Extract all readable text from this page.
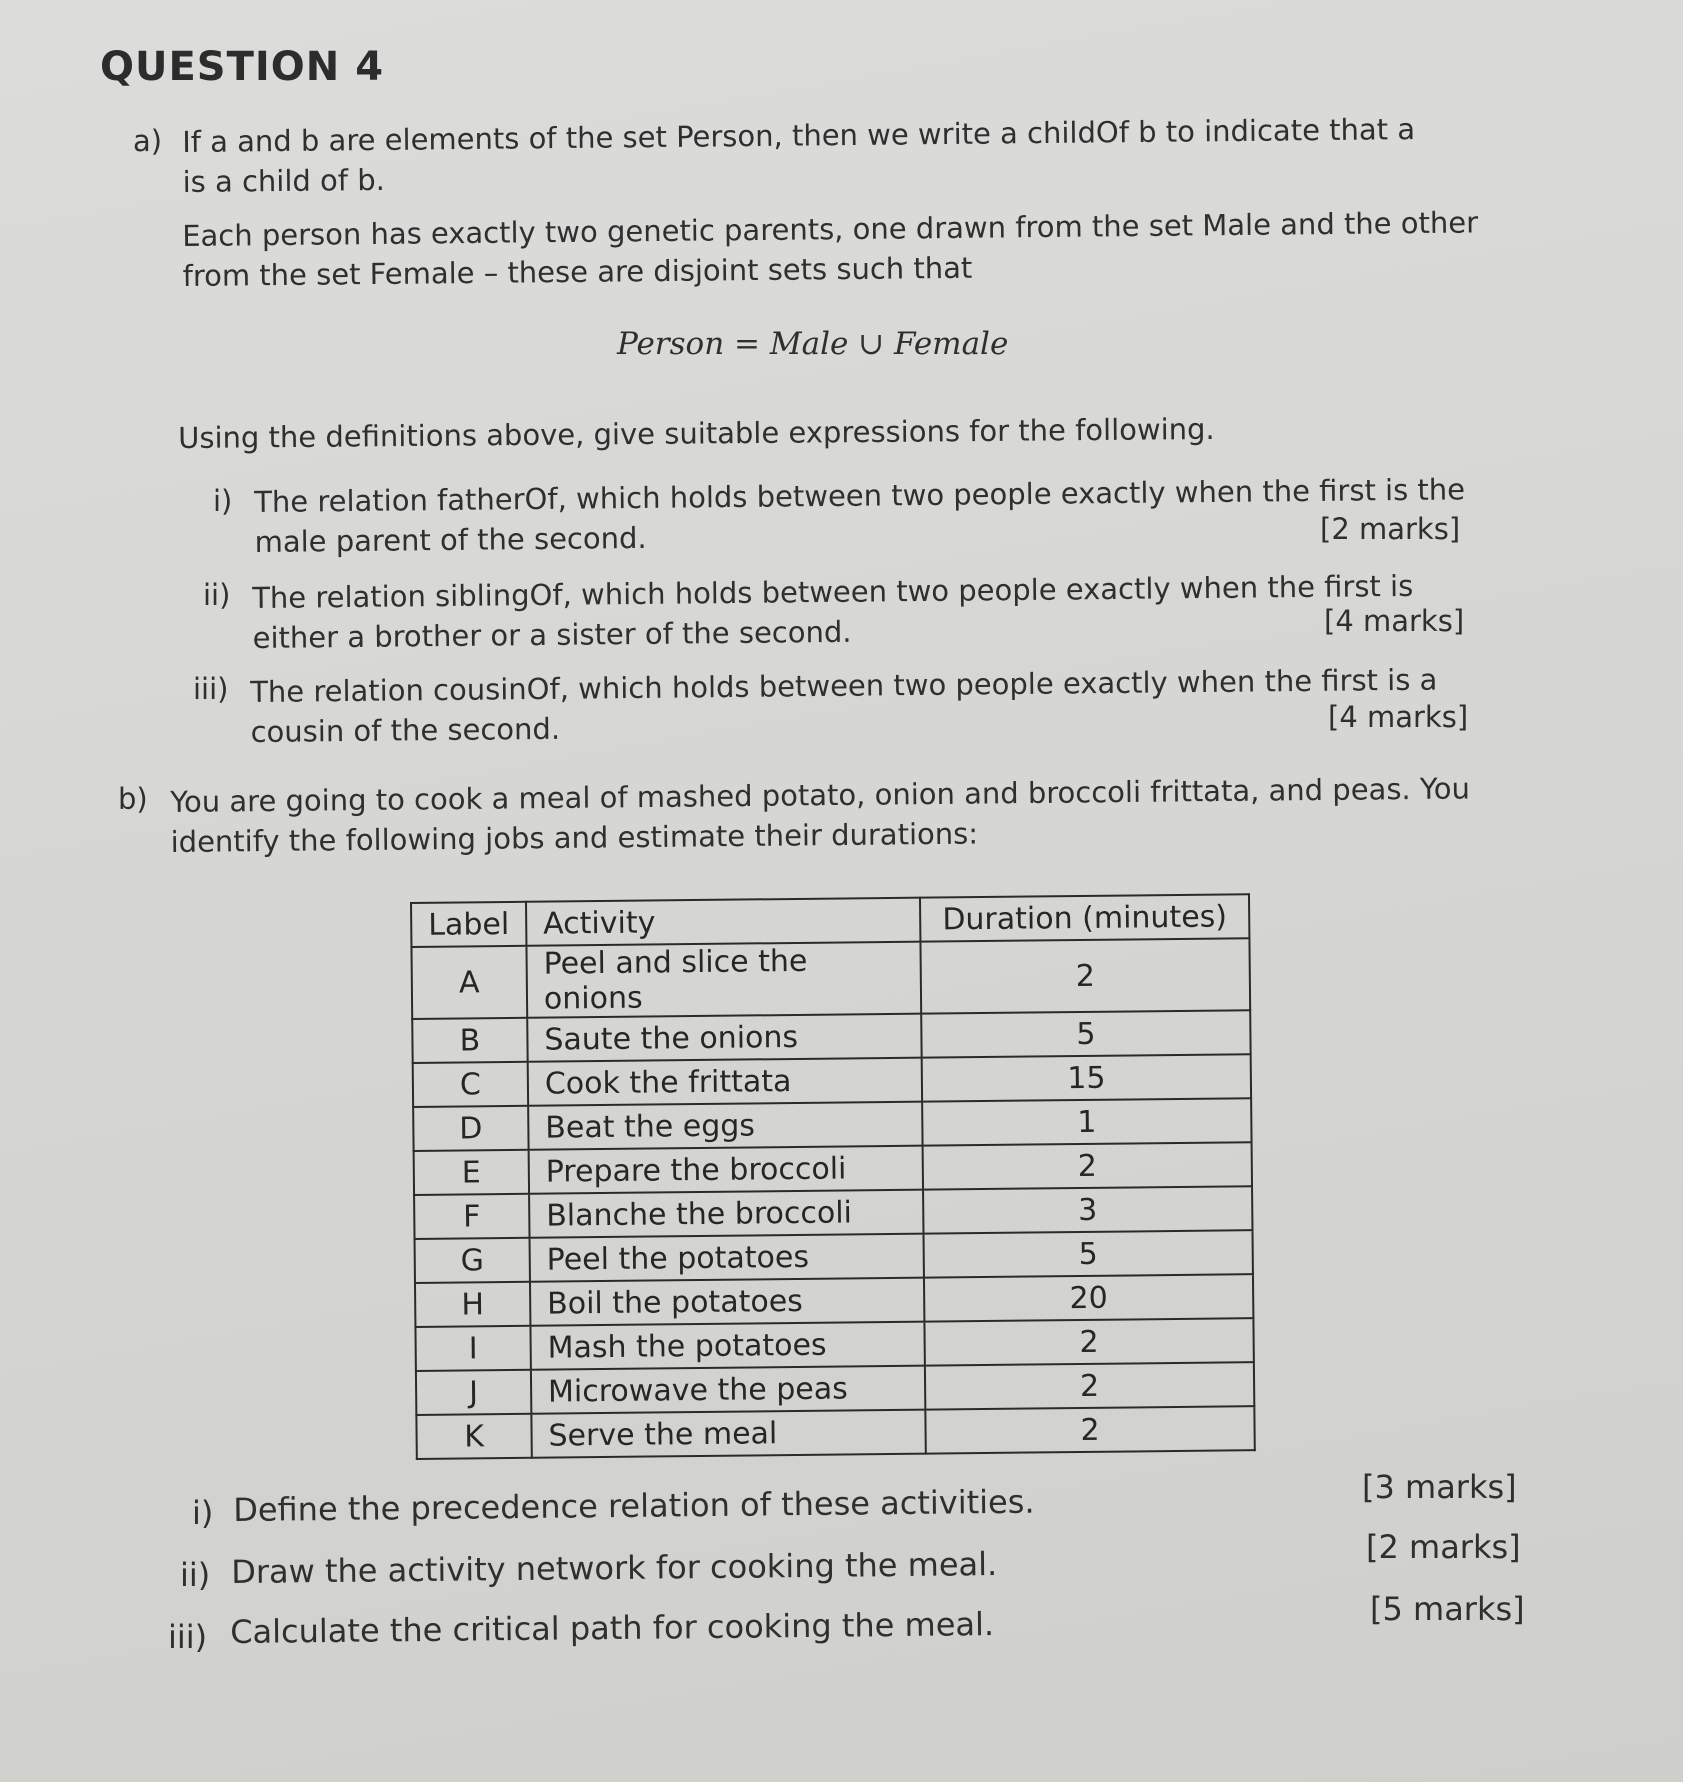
QUESTION 4
a) If a and b are elements of the set Person, then we write a childOf b to indicate that a
is a child of b.
Each person has exactly two genetic parents, one drawn from the set Male and the other
from the set Female – these are disjoint sets such that
Person = Male ∪ Female
Using the definitions above, give suitable expressions for the following.
i) The relation fatherOf, which holds between two people exactly when the first is the
male parent of the second.	[2 marks]
ii) The relation siblingOf, which holds between two people exactly when the first is
either a brother or a sister of the second.	[4 marks]
iii) The relation cousinOf, which holds between two people exactly when the first is a
cousin of the second.	[4 marks]
b) You are going to cook a meal of mashed potato, onion and broccoli frittata, and peas. You
identify the following jobs and estimate their durations:
Label	Activity	Duration (minutes)
A	Peel and slice the onions	2
B	Saute the onions	5
C	Cook the frittata	15
D	Beat the eggs	1
E	Prepare the broccoli	2
F	Blanche the broccoli	3
G	Peel the potatoes	5
H	Boil the potatoes	20
I	Mash the potatoes	2
J	Microwave the peas	2
K	Serve the meal	2
i) Define the precedence relation of these activities.	[3 marks]
ii) Draw the activity network for cooking the meal.	[2 marks]
iii) Calculate the critical path for cooking the meal.	[5 marks]
